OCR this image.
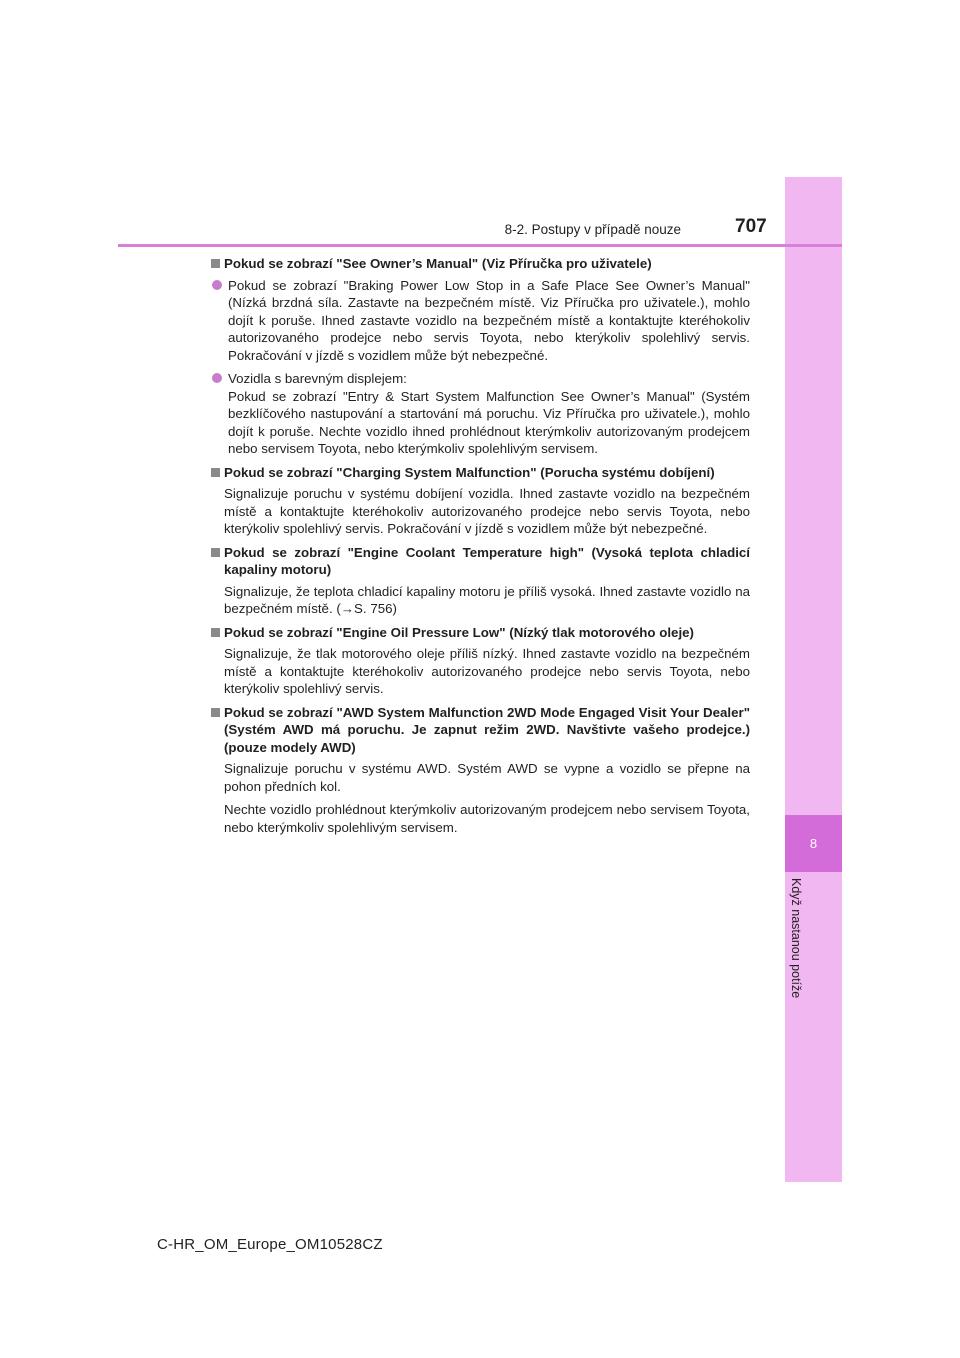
8
Když nastanou potíže
8-2. Postupy v případě nouze	707
Pokud se zobrazí "See Owner’s Manual" (Viz Příručka pro uživatele)
Pokud se zobrazí "Braking Power Low Stop in a Safe Place See Owner’s Manual" (Nízká brzdná síla. Zastavte na bezpečném místě. Viz Příručka pro uživatele.), mohlo dojít k poruše. Ihned zastavte vozidlo na bezpečném místě a kontaktujte kteréhokoliv autorizovaného prodejce nebo servis Toyota, nebo kterýkoliv spolehlivý servis. Pokračování v jízdě s vozidlem může být nebezpečné.
Vozidla s barevným displejem:
Pokud se zobrazí "Entry & Start System Malfunction See Owner’s Manual" (Systém bezklíčového nastupování a startování má poruchu. Viz Příručka pro uživatele.), mohlo dojít k poruše. Nechte vozidlo ihned prohlédnout kterýmkoliv autorizovaným prodejcem nebo servisem Toyota, nebo kterýmkoliv spolehlivým servisem.
Pokud se zobrazí "Charging System Malfunction" (Porucha systému dobíjení)
Signalizuje poruchu v systému dobíjení vozidla. Ihned zastavte vozidlo na bezpečném místě a kontaktujte kteréhokoliv autorizovaného prodejce nebo servis Toyota, nebo kterýkoliv spolehlivý servis. Pokračování v jízdě s vozidlem může být nebezpečné.
Pokud se zobrazí "Engine Coolant Temperature high" (Vysoká teplota chladicí kapaliny motoru)
Signalizuje, že teplota chladicí kapaliny motoru je příliš vysoká. Ihned zastavte vozidlo na bezpečném místě. (→S. 756)
Pokud se zobrazí "Engine Oil Pressure Low" (Nízký tlak motorového oleje)
Signalizuje, že tlak motorového oleje příliš nízký. Ihned zastavte vozidlo na bezpečném místě a kontaktujte kteréhokoliv autorizovaného prodejce nebo servis Toyota, nebo kterýkoliv spolehlivý servis.
Pokud se zobrazí "AWD System Malfunction 2WD Mode Engaged Visit Your Dealer" (Systém AWD má poruchu. Je zapnut režim 2WD. Navštivte vašeho prodejce.) (pouze modely AWD)
Signalizuje poruchu v systému AWD. Systém AWD se vypne a vozidlo se přepne na pohon předních kol.
Nechte vozidlo prohlédnout kterýmkoliv autorizovaným prodejcem nebo servisem Toyota, nebo kterýmkoliv spolehlivým servisem.
C-HR_OM_Europe_OM10528CZ
